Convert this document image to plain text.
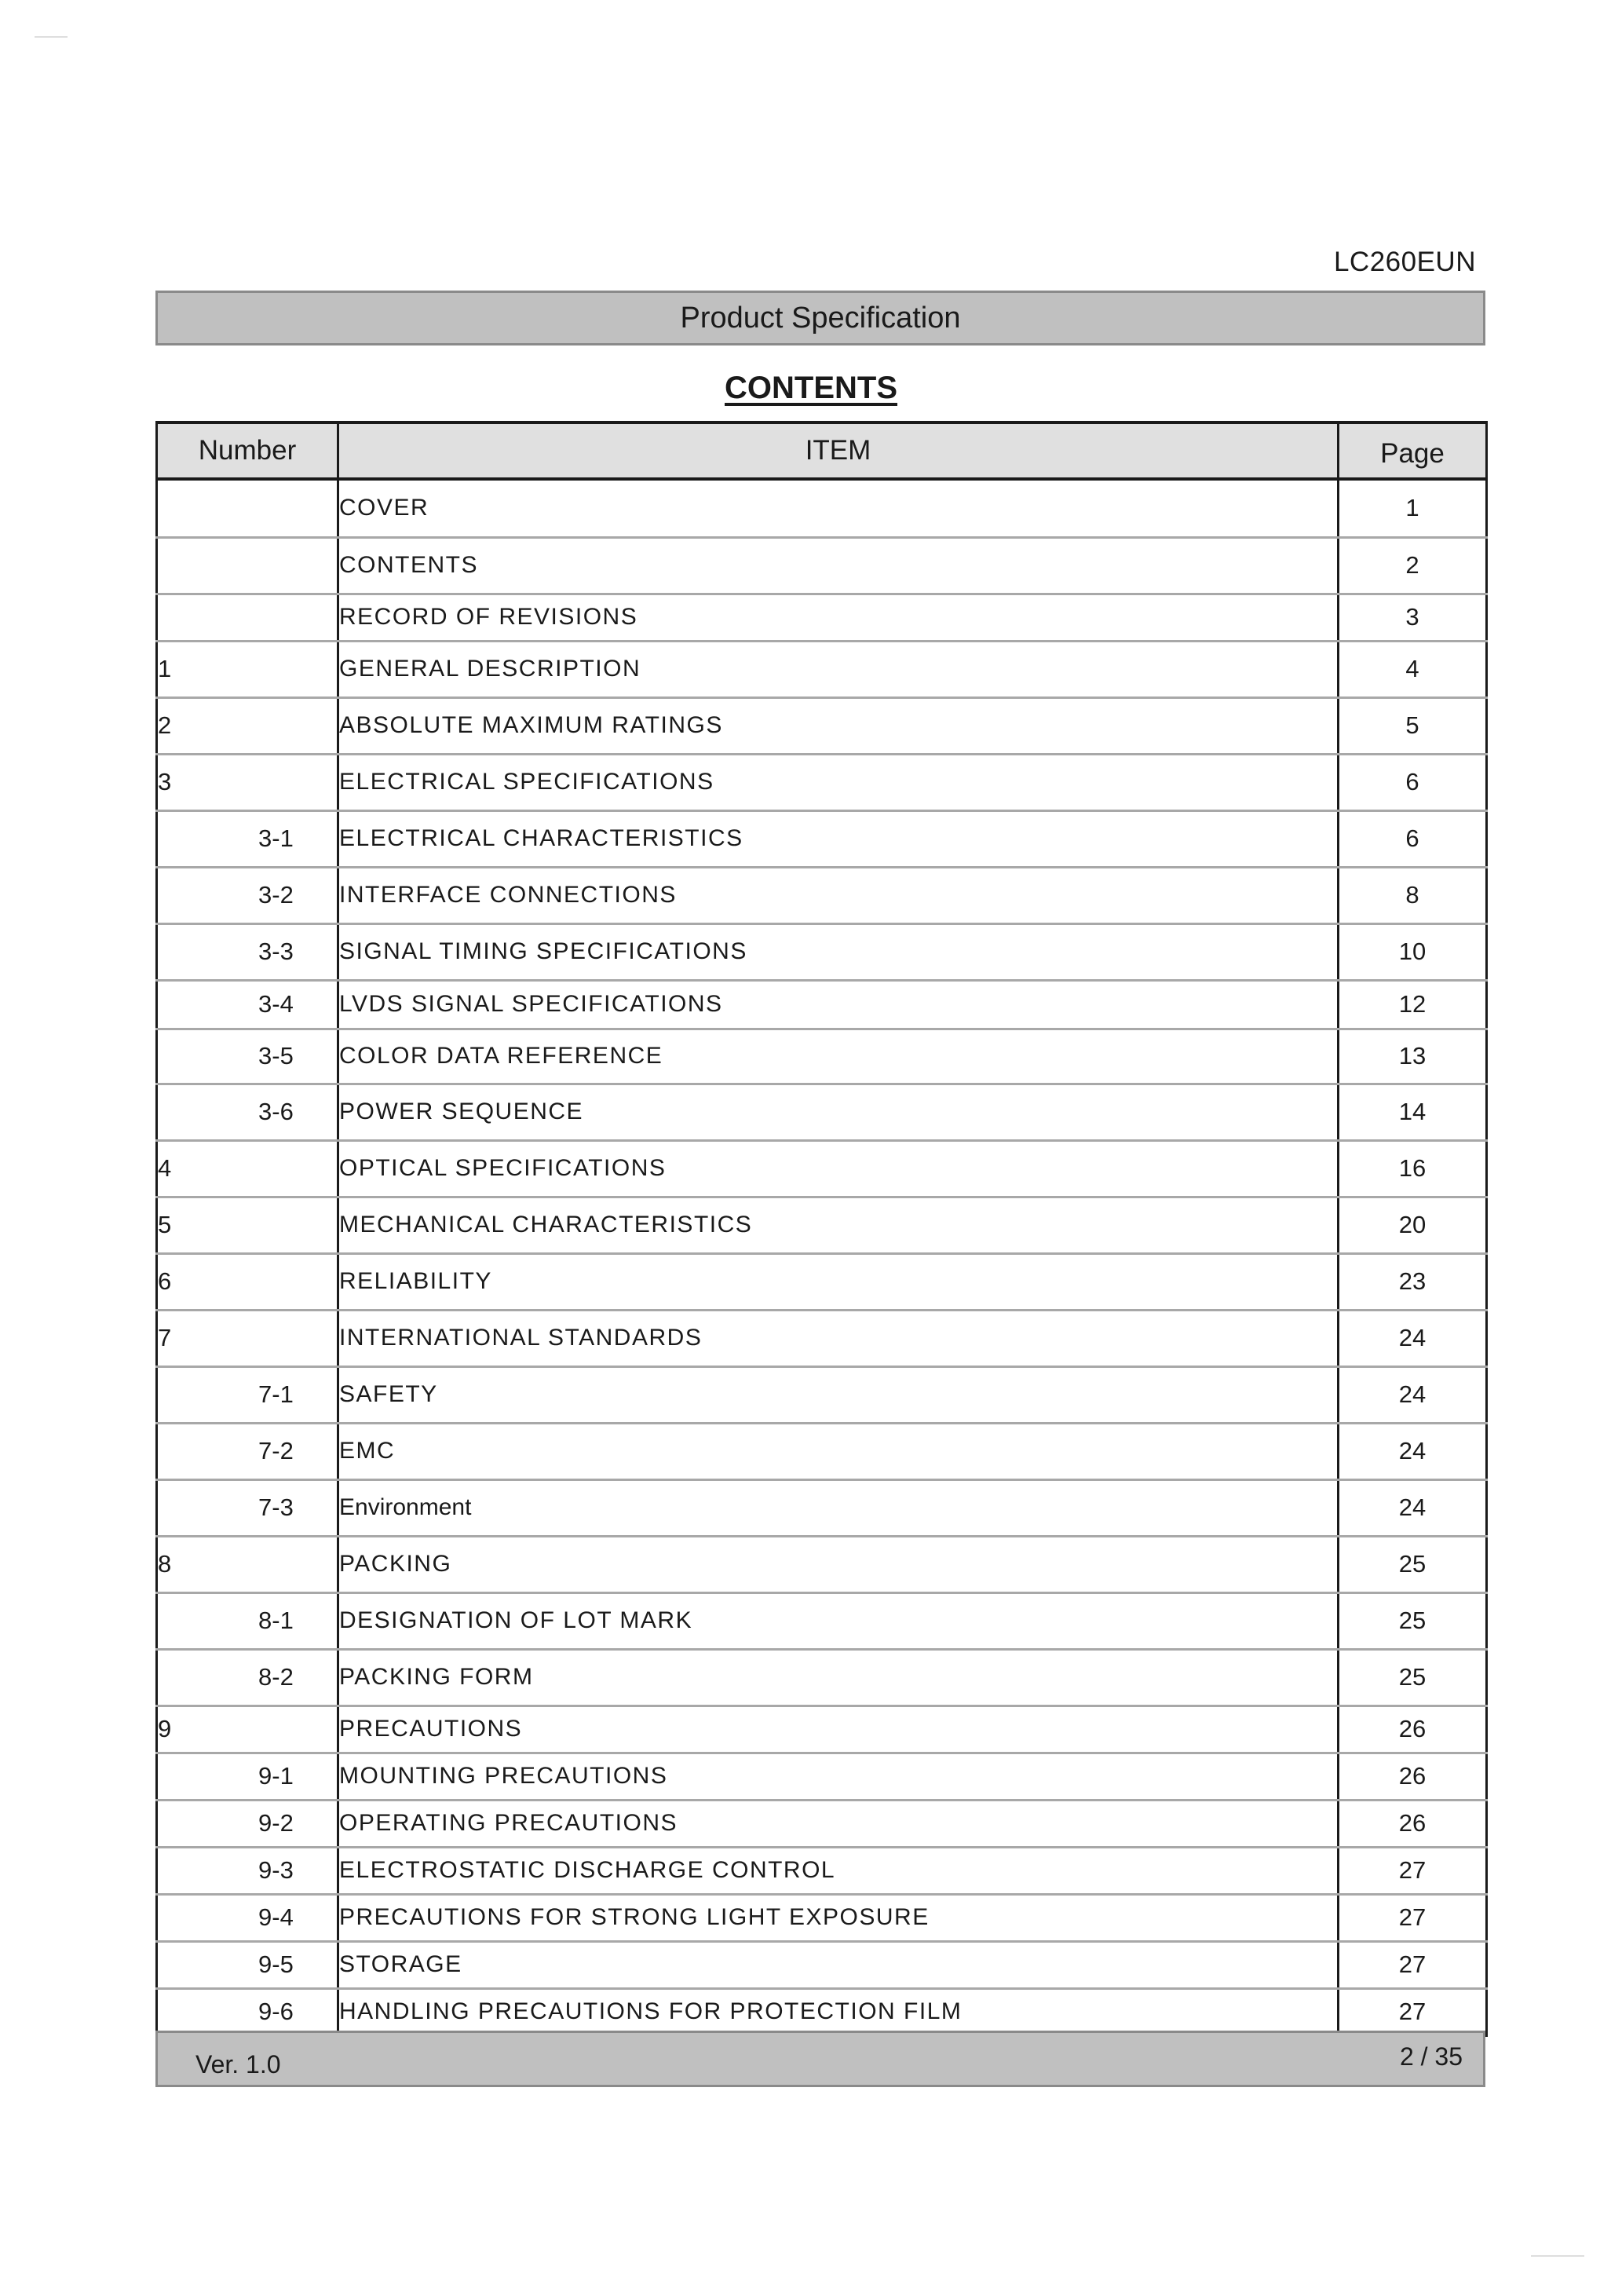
LC260EUN
Product Specification
CONTENTS
Number	ITEM	Page
	COVER	1
	CONTENTS	2
	RECORD OF REVISIONS	3
1	GENERAL DESCRIPTION	4
2	ABSOLUTE MAXIMUM RATINGS	5
3	ELECTRICAL SPECIFICATIONS	6
3-1	ELECTRICAL CHARACTERISTICS	6
3-2	INTERFACE CONNECTIONS	8
3-3	SIGNAL TIMING SPECIFICATIONS	10
3-4	LVDS SIGNAL SPECIFICATIONS	12
3-5	COLOR DATA REFERENCE	13
3-6	POWER SEQUENCE	14
4	OPTICAL SPECIFICATIONS	16
5	MECHANICAL CHARACTERISTICS	20
6	RELIABILITY	23
7	INTERNATIONAL STANDARDS	24
7-1	SAFETY	24
7-2	EMC	24
7-3	Environment	24
8	PACKING	25
8-1	DESIGNATION OF LOT MARK	25
8-2	PACKING FORM	25
9	PRECAUTIONS	26
9-1	MOUNTING PRECAUTIONS	26
9-2	OPERATING PRECAUTIONS	26
9-3	ELECTROSTATIC DISCHARGE CONTROL	27
9-4	PRECAUTIONS FOR STRONG LIGHT EXPOSURE	27
9-5	STORAGE	27
9-6	HANDLING PRECAUTIONS FOR PROTECTION FILM	27
Ver. 1.0	2 / 35
